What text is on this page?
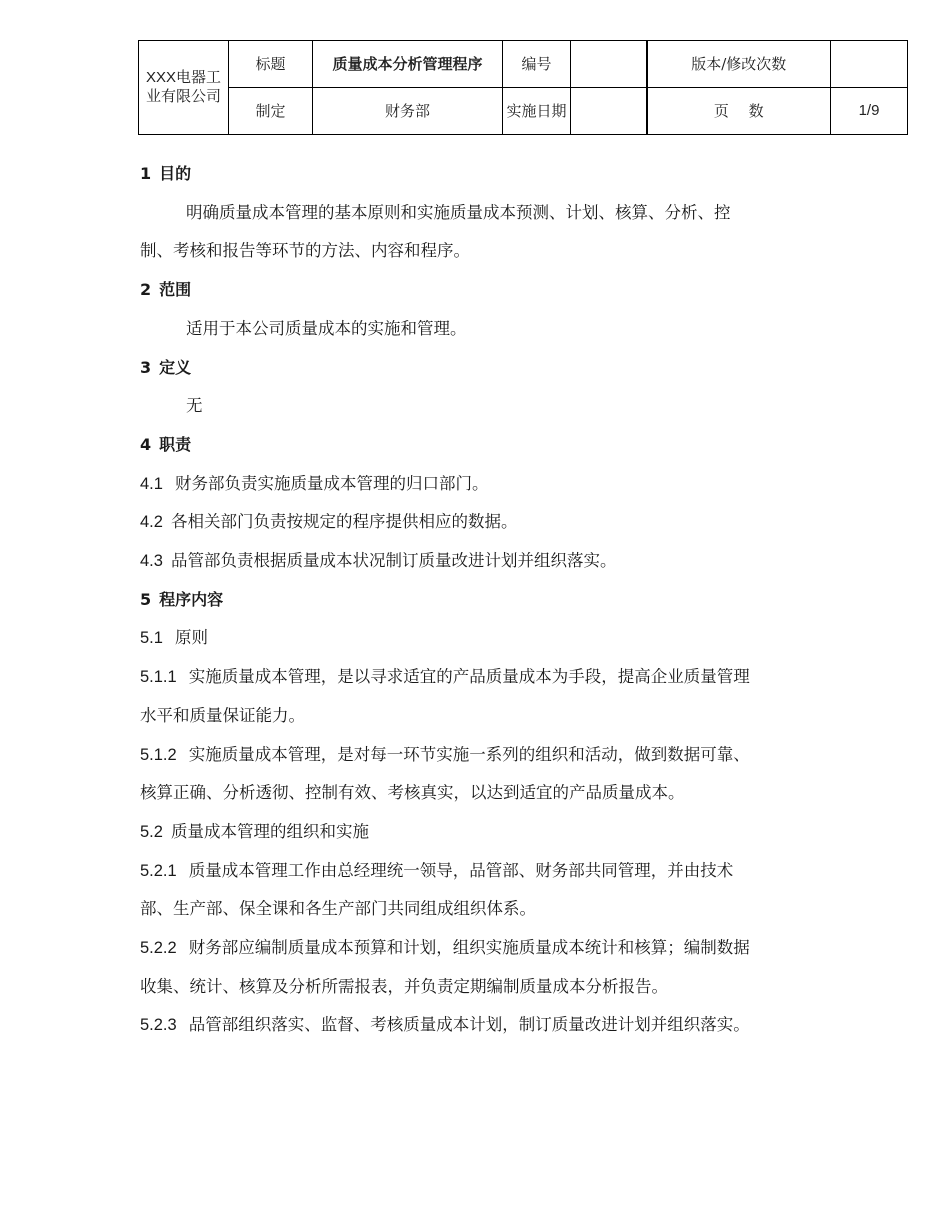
XXX电器工业有限公司	标题	质量成本分析管理程序	编号		版本/修改次数	
	制定	财务部	实施日期		页　 数	1/9

1 目的

明确质量成本管理的基本原则和实施质量成本预测、计划、核算、分析、控

制、考核和报告等环节的方法、内容和程序。

2 范围

适用于本公司质量成本的实施和管理。

3 定义

无

4 职责

4.1 财务部负责实施质量成本管理的归口部门。

4.2 各相关部门负责按规定的程序提供相应的数据。

4.3 品管部负责根据质量成本状况制订质量改进计划并组织落实。

5 程序内容

5.1 原则

5.1.1 实施质量成本管理，是以寻求适宜的产品质量成本为手段，提高企业质量管理

水平和质量保证能力。

5.1.2 实施质量成本管理，是对每一环节实施一系列的组织和活动，做到数据可靠、

核算正确、分析透彻、控制有效、考核真实，以达到适宜的产品质量成本。

5.2 质量成本管理的组织和实施

5.2.1 质量成本管理工作由总经理统一领导，品管部、财务部共同管理，并由技术

部、生产部、保全课和各生产部门共同组成组织体系。

5.2.2 财务部应编制质量成本预算和计划，组织实施质量成本统计和核算；编制数据

收集、统计、核算及分析所需报表，并负责定期编制质量成本分析报告。

5.2.3 品管部组织落实、监督、考核质量成本计划，制订质量改进计划并组织落实。
